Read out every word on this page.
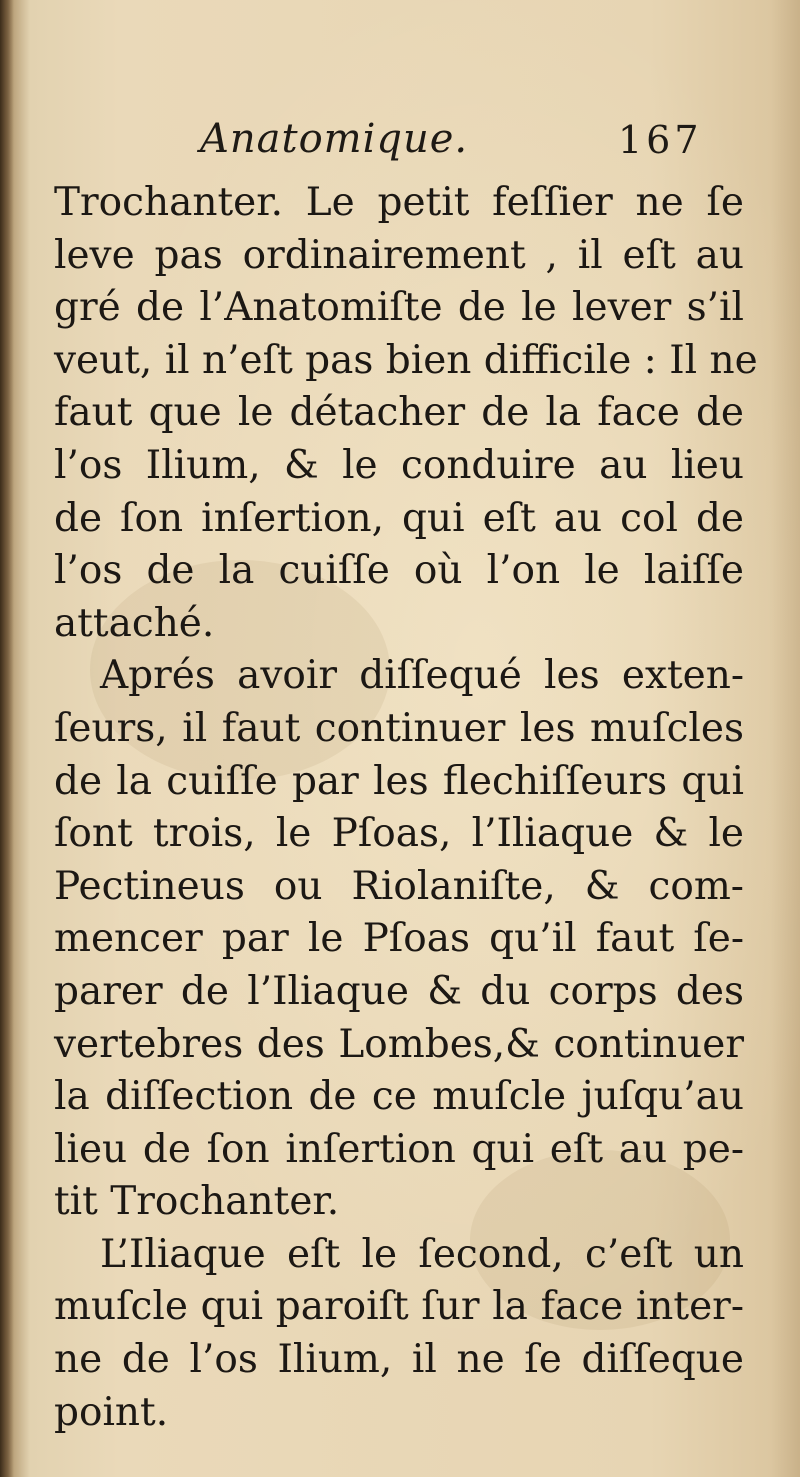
Anatomique.	167
Trochanter. Le petit feſſier ne ſe
leve pas ordinairement , il eſt au
gré de l’Anatomiſte de le lever s’il
veut, il n’eſt pas bien difficile : Il ne
faut que le détacher de la face de
l’os Ilium, & le conduire au lieu
de ſon inſertion, qui eſt au col de
l’os de la cuiſſe où l’on le laiſſe
attaché.
Aprés avoir diſſequé les exten-
ſeurs, il faut continuer les muſcles
de la cuiſſe par les flechiſſeurs qui
ſont trois, le Pſoas, l’Iliaque & le
Pectineus ou Riolaniſte, & com-
mencer par le Pſoas qu’il faut ſe-
parer de l’Iliaque & du corps des
vertebres des Lombes,& continuer
la diſſection de ce muſcle juſqu’au
lieu de ſon inſertion qui eſt au pe-
tit Trochanter.
L’Iliaque eſt le ſecond, c’eſt un
muſcle qui paroiſt ſur la face inter-
ne de l’os Ilium, il ne ſe diſſeque
point.
